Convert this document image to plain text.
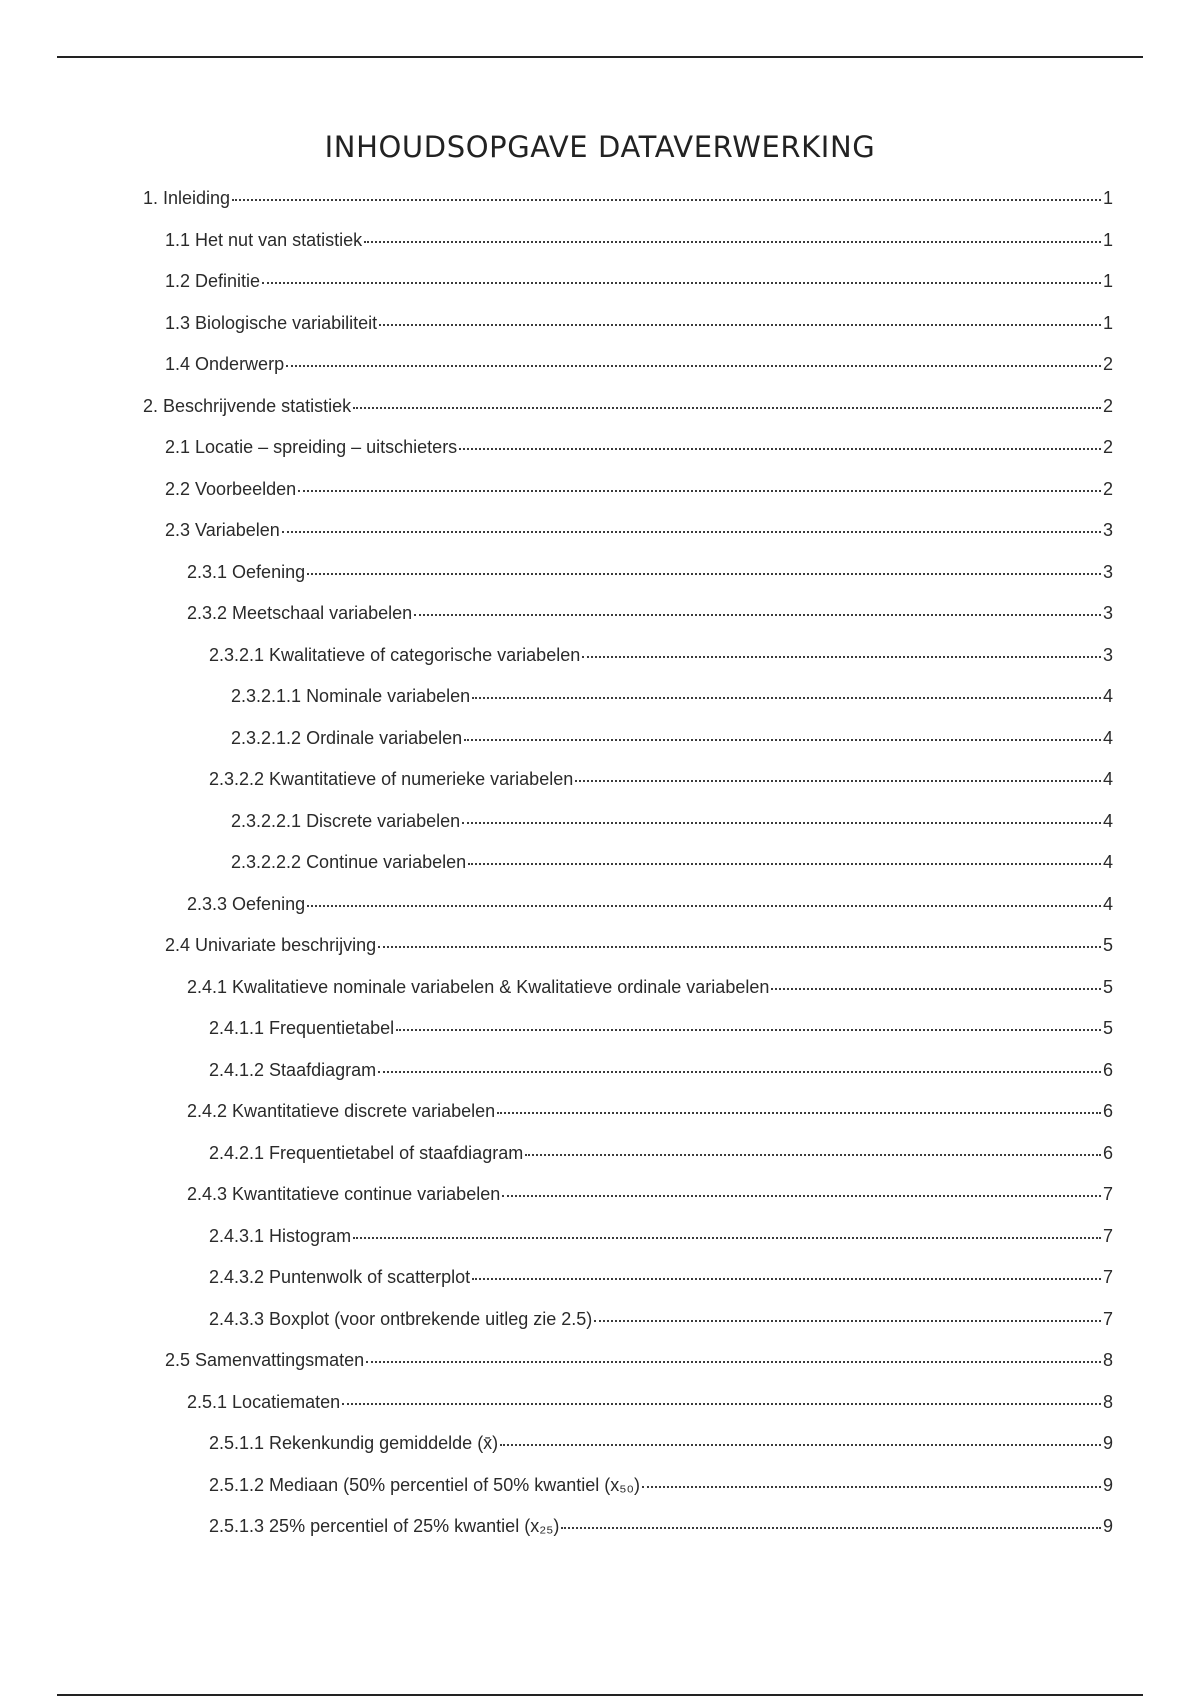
INHOUDSOPGAVE DATAVERWERKING
1. Inleiding	1
1.1 Het nut van statistiek	1
1.2 Definitie	1
1.3 Biologische variabiliteit	1
1.4 Onderwerp	2
2. Beschrijvende statistiek	2
2.1 Locatie – spreiding – uitschieters	2
2.2 Voorbeelden	2
2.3 Variabelen	3
2.3.1 Oefening	3
2.3.2 Meetschaal variabelen	3
2.3.2.1 Kwalitatieve of categorische variabelen	3
2.3.2.1.1 Nominale variabelen	4
2.3.2.1.2 Ordinale variabelen	4
2.3.2.2 Kwantitatieve of numerieke variabelen	4
2.3.2.2.1 Discrete variabelen	4
2.3.2.2.2 Continue variabelen	4
2.3.3 Oefening	4
2.4 Univariate beschrijving	5
2.4.1 Kwalitatieve nominale variabelen & Kwalitatieve ordinale variabelen	5
2.4.1.1 Frequentietabel	5
2.4.1.2 Staafdiagram	6
2.4.2 Kwantitatieve discrete variabelen	6
2.4.2.1 Frequentietabel of staafdiagram	6
2.4.3 Kwantitatieve continue variabelen	7
2.4.3.1 Histogram	7
2.4.3.2 Puntenwolk of scatterplot	7
2.4.3.3 Boxplot (voor ontbrekende uitleg zie 2.5)	7
2.5 Samenvattingsmaten	8
2.5.1 Locatiematen	8
2.5.1.1 Rekenkundig gemiddelde (x̄)	9
2.5.1.2 Mediaan (50% percentiel of 50% kwantiel (x₅₀)	9
2.5.1.3 25% percentiel of 25% kwantiel (x₂₅)	9
